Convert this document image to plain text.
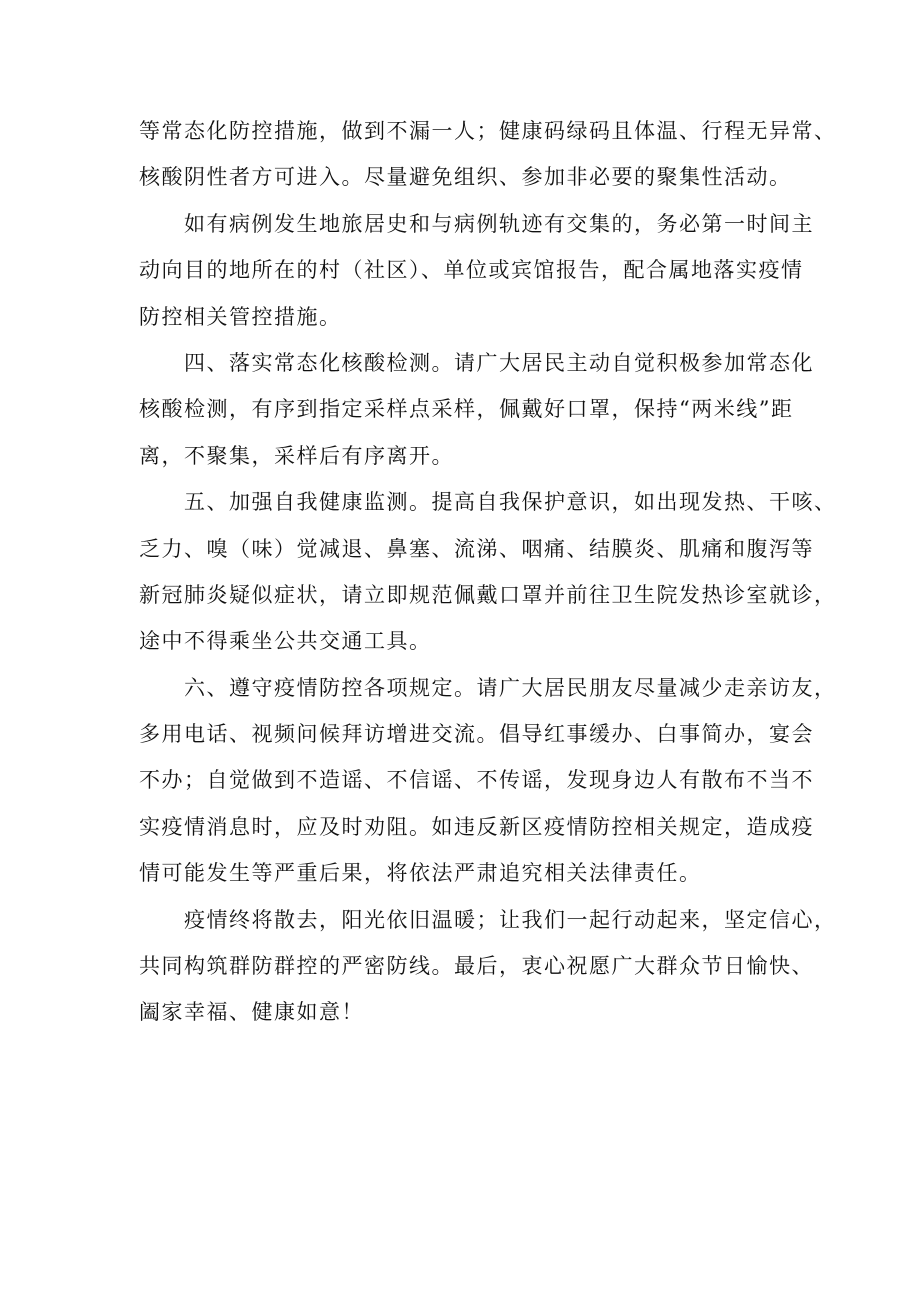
等常态化防控措施，做到不漏一人；健康码绿码且体温、行程无异常、
核酸阴性者方可进入。尽量避免组织、参加非必要的聚集性活动。
如有病例发生地旅居史和与病例轨迹有交集的，务必第一时间主
动向目的地所在的村（社区）、单位或宾馆报告，配合属地落实疫情
防控相关管控措施。
四、落实常态化核酸检测。请广大居民主动自觉积极参加常态化
核酸检测，有序到指定采样点采样，佩戴好口罩，保持“两米线”距
离，不聚集，采样后有序离开。
五、加强自我健康监测。提高自我保护意识，如出现发热、干咳、
乏力、嗅（味）觉减退、鼻塞、流涕、咽痛、结膜炎、肌痛和腹泻等
新冠肺炎疑似症状，请立即规范佩戴口罩并前往卫生院发热诊室就诊，
途中不得乘坐公共交通工具。
六、遵守疫情防控各项规定。请广大居民朋友尽量减少走亲访友，
多用电话、视频问候拜访增进交流。倡导红事缓办、白事简办，宴会
不办；自觉做到不造谣、不信谣、不传谣，发现身边人有散布不当不
实疫情消息时，应及时劝阻。如违反新区疫情防控相关规定，造成疫
情可能发生等严重后果，将依法严肃追究相关法律责任。
疫情终将散去，阳光依旧温暖；让我们一起行动起来，坚定信心，
共同构筑群防群控的严密防线。最后，衷心祝愿广大群众节日愉快、
阖家幸福、健康如意！
